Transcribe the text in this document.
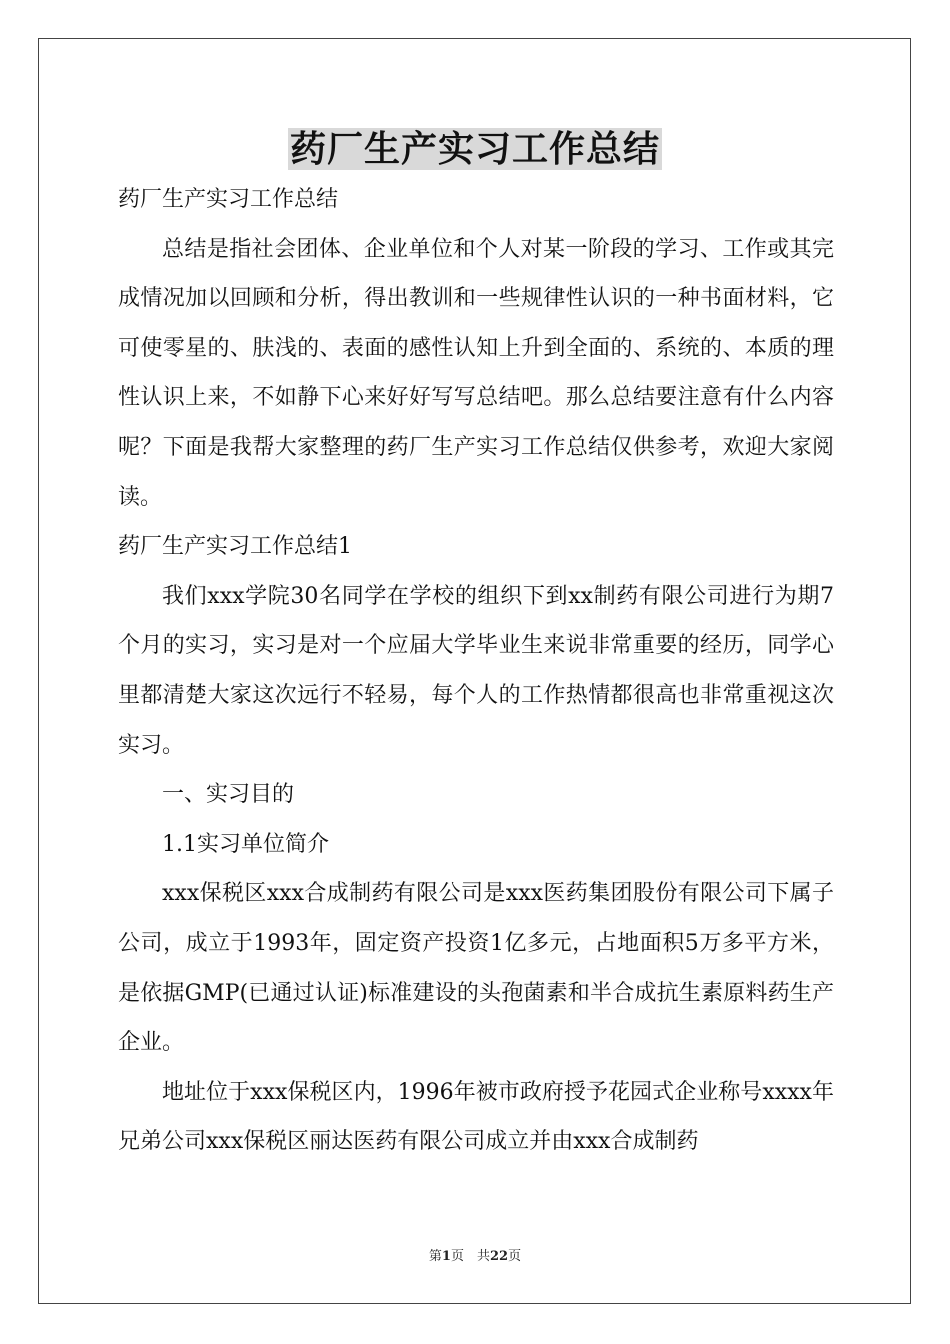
药厂生产实习工作总结

药厂生产实习工作总结

总结是指社会团体、企业单位和个人对某一阶段的学习、工作或其完成情况加以回顾和分析，得出教训和一些规律性认识的一种书面材料，它可使零星的、肤浅的、表面的感性认知上升到全面的、系统的、本质的理性认识上来，不如静下心来好好写写总结吧。那么总结要注意有什么内容呢？下面是我帮大家整理的药厂生产实习工作总结仅供参考，欢迎大家阅读。

药厂生产实习工作总结1

我们xxx学院30名同学在学校的组织下到xx制药有限公司进行为期7个月的实习，实习是对一个应届大学毕业生来说非常重要的经历，同学心里都清楚大家这次远行不轻易，每个人的工作热情都很高也非常重视这次实习。

一、实习目的

1.1实习单位简介

xxx保税区xxx合成制药有限公司是xxx医药集团股份有限公司下属子公司，成立于1993年，固定资产投资1亿多元，占地面积5万多平方米，是依据GMP(已通过认证)标准建设的头孢菌素和半合成抗生素原料药生产企业。

地址位于xxx保税区内，1996年被市政府授予花园式企业称号xxxx年兄弟公司xxx保税区丽达医药有限公司成立并由xxx合成制药

第1页　共22页
